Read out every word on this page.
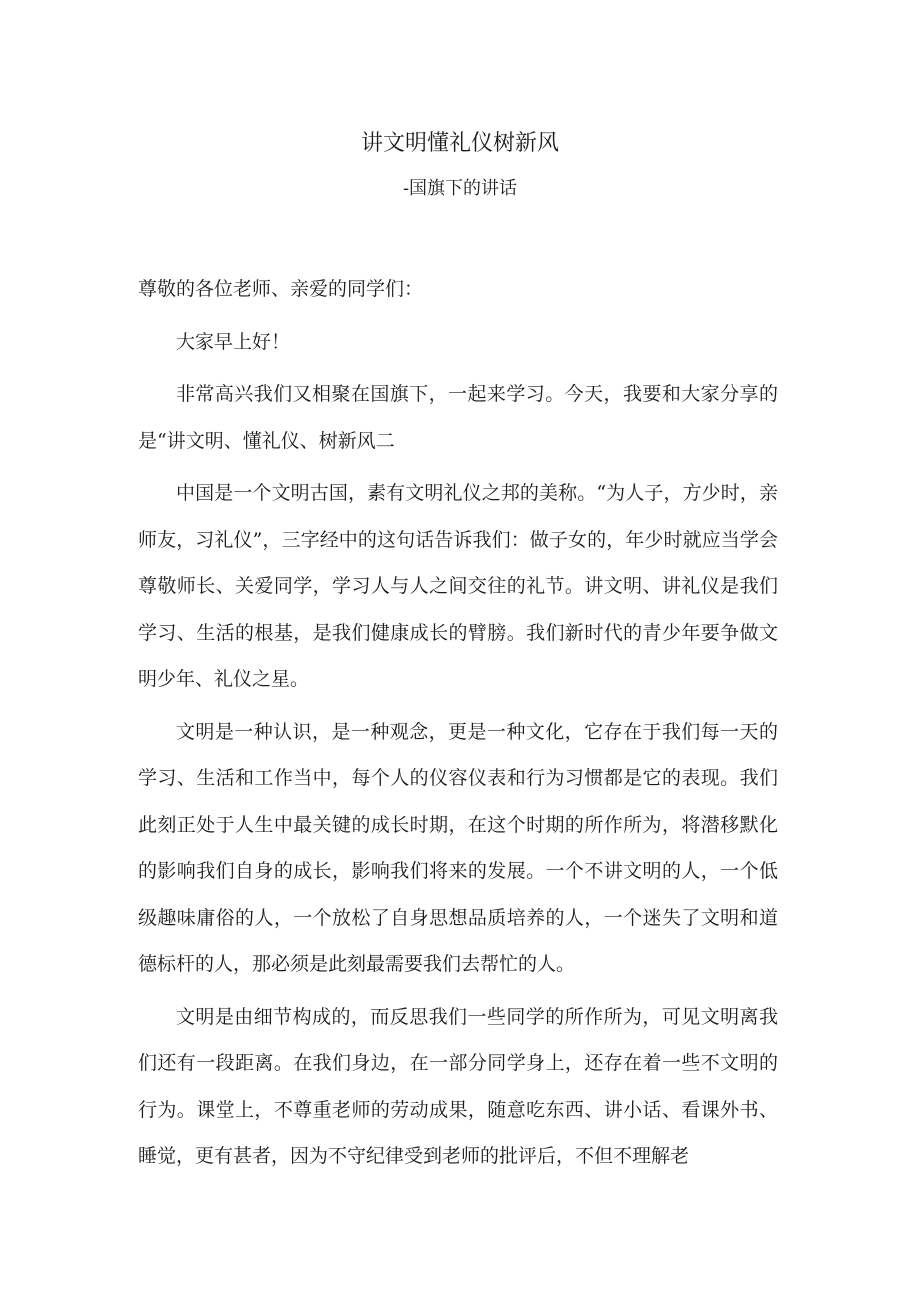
讲文明懂礼仪树新风
-国旗下的讲话

尊敬的各位老师、亲爱的同学们：

大家早上好！

非常高兴我们又相聚在国旗下，一起来学习。今天，我要和大家分享的是“讲文明、懂礼仪、树新风二

中国是一个文明古国，素有文明礼仪之邦的美称。“为人子，方少时，亲师友，习礼仪”，三字经中的这句话告诉我们：做子女的，年少时就应当学会尊敬师长、关爱同学，学习人与人之间交往的礼节。讲文明、讲礼仪是我们学习、生活的根基，是我们健康成长的臂膀。我们新时代的青少年要争做文明少年、礼仪之星。

文明是一种认识，是一种观念，更是一种文化，它存在于我们每一天的学习、生活和工作当中，每个人的仪容仪表和行为习惯都是它的表现。我们此刻正处于人生中最关键的成长时期，在这个时期的所作所为，将潜移默化的影响我们自身的成长，影响我们将来的发展。一个不讲文明的人，一个低级趣味庸俗的人，一个放松了自身思想品质培养的人，一个迷失了文明和道德标杆的人，那必须是此刻最需要我们去帮忙的人。

文明是由细节构成的，而反思我们一些同学的所作所为，可见文明离我们还有一段距离。在我们身边，在一部分同学身上，还存在着一些不文明的行为。课堂上，不尊重老师的劳动成果，随意吃东西、讲小话、看课外书、睡觉，更有甚者，因为不守纪律受到老师的批评后，不但不理解老
